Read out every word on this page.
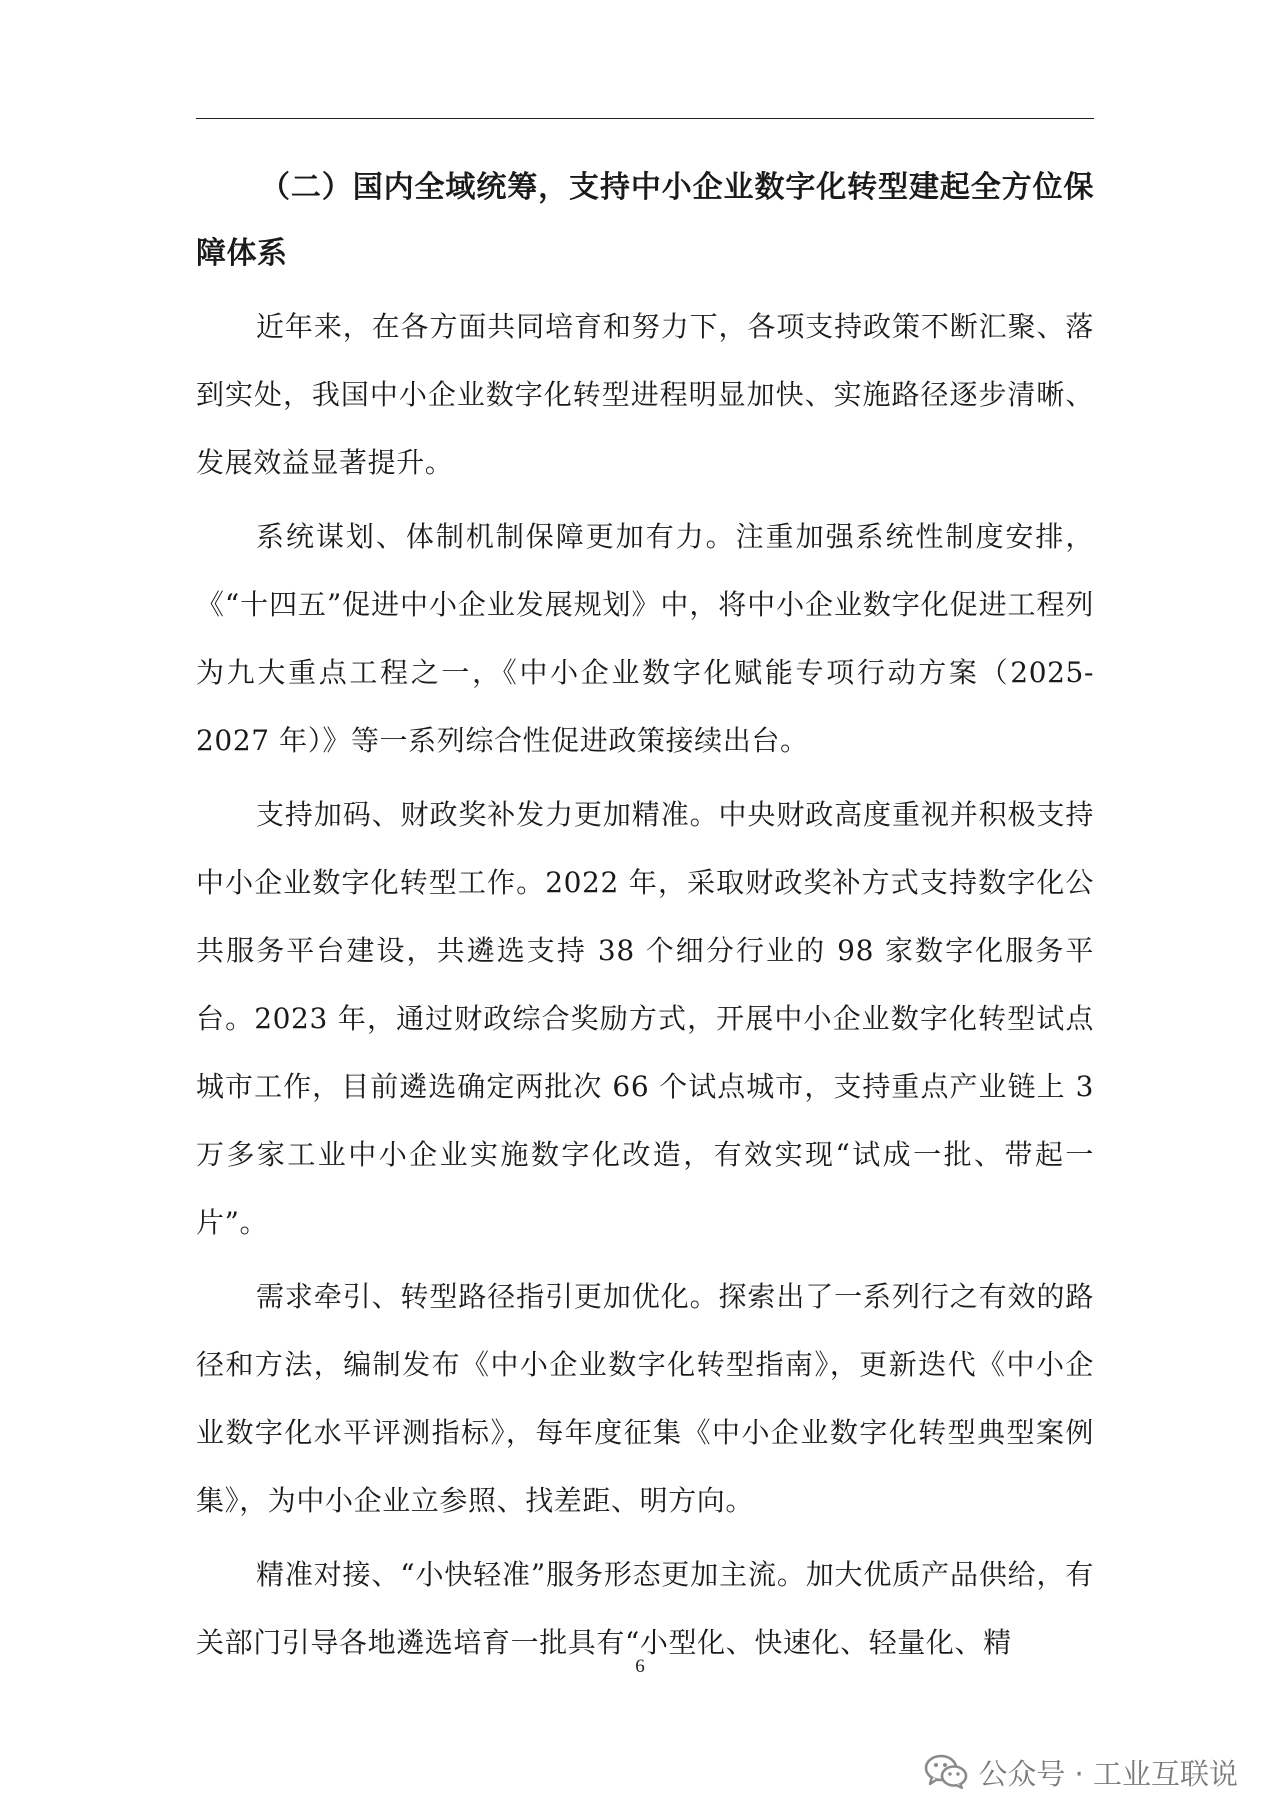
（二）国内全域统筹，支持中小企业数字化转型建起全方位保障体系

近年来，在各方面共同培育和努力下，各项支持政策不断汇聚、落到实处，我国中小企业数字化转型进程明显加快、实施路径逐步清晰、发展效益显著提升。

系统谋划、体制机制保障更加有力。注重加强系统性制度安排，《“十四五”促进中小企业发展规划》中，将中小企业数字化促进工程列为九大重点工程之一，《中小企业数字化赋能专项行动方案（2025-2027 年）》等一系列综合性促进政策接续出台。

支持加码、财政奖补发力更加精准。中央财政高度重视并积极支持中小企业数字化转型工作。2022 年，采取财政奖补方式支持数字化公共服务平台建设，共遴选支持 38 个细分行业的 98 家数字化服务平台。2023 年，通过财政综合奖励方式，开展中小企业数字化转型试点城市工作，目前遴选确定两批次 66 个试点城市，支持重点产业链上 3 万多家工业中小企业实施数字化改造，有效实现“试成一批、带起一片”。

需求牵引、转型路径指引更加优化。探索出了一系列行之有效的路径和方法，编制发布《中小企业数字化转型指南》，更新迭代《中小企业数字化水平评测指标》，每年度征集《中小企业数字化转型典型案例集》，为中小企业立参照、找差距、明方向。

精准对接、“小快轻准”服务形态更加主流。加大优质产品供给，有关部门引导各地遴选培育一批具有“小型化、快速化、轻量化、精

6
公众号 · 工业互联说
